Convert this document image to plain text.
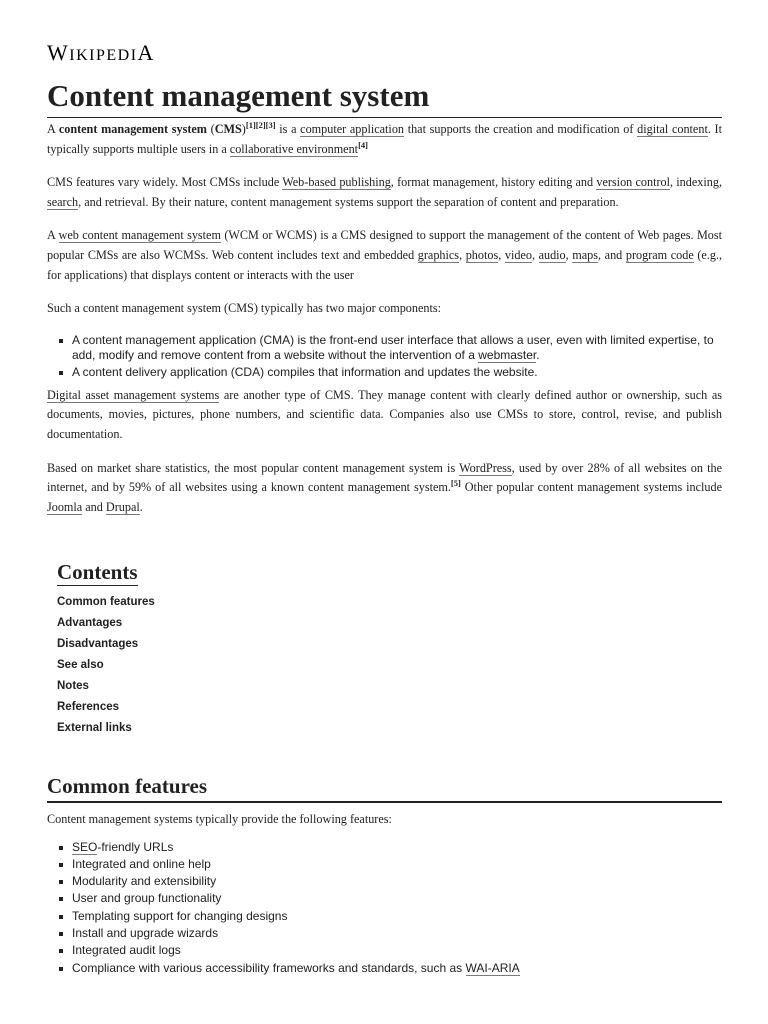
WIKIPEDIA
Content management system

A content management system (CMS)[1][2][3] is a computer application that supports the creation and modification of digital content. It typically supports multiple users in a collaborative environment[4]

CMS features vary widely. Most CMSs include Web-based publishing, format management, history editing and version control, indexing, search, and retrieval. By their nature, content management systems support the separation of content and preparation.

A web content management system (WCM or WCMS) is a CMS designed to support the management of the content of Web pages. Most popular CMSs are also WCMSs. Web content includes text and embedded graphics, photos, video, audio, maps, and program code (e.g., for applications) that displays content or interacts with the user

Such a content management system (CMS) typically has two major components:

A content management application (CMA) is the front-end user interface that allows a user, even with limited expertise, to add, modify and remove content from a website without the intervention of a webmaster.
A content delivery application (CDA) compiles that information and updates the website.

Digital asset management systems are another type of CMS. They manage content with clearly defined author or ownership, such as documents, movies, pictures, phone numbers, and scientific data. Companies also use CMSs to store, control, revise, and publish documentation.

Based on market share statistics, the most popular content management system is WordPress, used by over 28% of all websites on the internet, and by 59% of all websites using a known content management system.[5] Other popular content management systems include Joomla and Drupal.

Contents
Common features
Advantages
Disadvantages
See also
Notes
References
External links
Common features

Content management systems typically provide the following features:

SEO-friendly URLs
Integrated and online help
Modularity and extensibility
User and group functionality
Templating support for changing designs
Install and upgrade wizards
Integrated audit logs
Compliance with various accessibility frameworks and standards, such as WAI-ARIA
